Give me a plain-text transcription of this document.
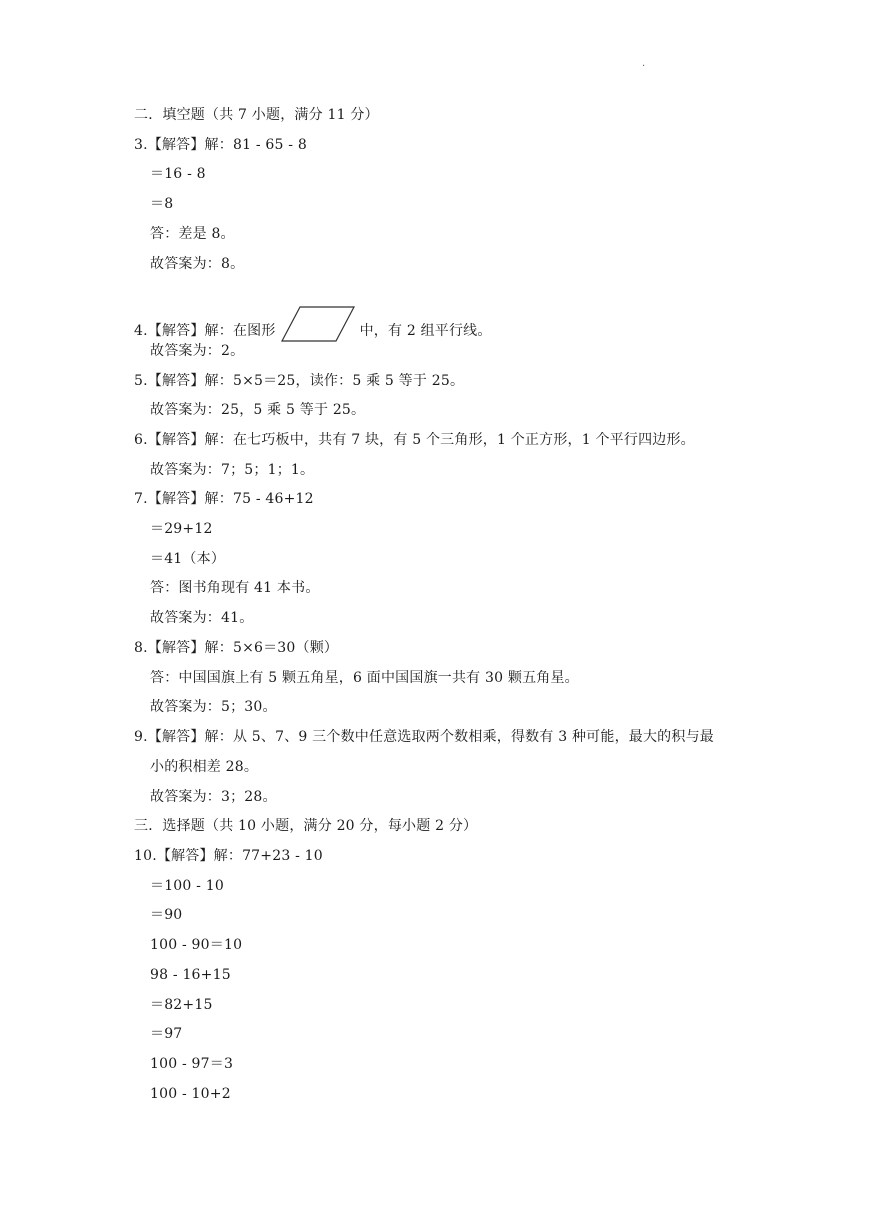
.
二．填空题（共 7 小题，满分 11 分）
3.【解答】解：81 - 65 - 8
＝16 - 8
＝8
答：差是 8。
故答案为：8。
4.【解答】解：在图形	中，有 2 组平行线。
故答案为：2。
5.【解答】解：5×5＝25，读作：5 乘 5 等于 25。
故答案为：25，5 乘 5 等于 25。
6.【解答】解：在七巧板中，共有 7 块，有 5 个三角形，1 个正方形，1 个平行四边形。
故答案为：7；5；1；1。
7.【解答】解：75 - 46+12
＝29+12
＝41（本）
答：图书角现有 41 本书。
故答案为：41。
8.【解答】解：5×6＝30（颗）
答：中国国旗上有 5 颗五角星，6 面中国国旗一共有 30 颗五角星。
故答案为：5；30。
9.【解答】解：从 5、7、9 三个数中任意选取两个数相乘，得数有 3 种可能，最大的积与最
小的积相差 28。
故答案为：3；28。
三．选择题（共 10 小题，满分 20 分，每小题 2 分）
10.【解答】解：77+23 - 10
＝100 - 10
＝90
100 - 90＝10
98 - 16+15
＝82+15
＝97
100 - 97＝3
100 - 10+2
